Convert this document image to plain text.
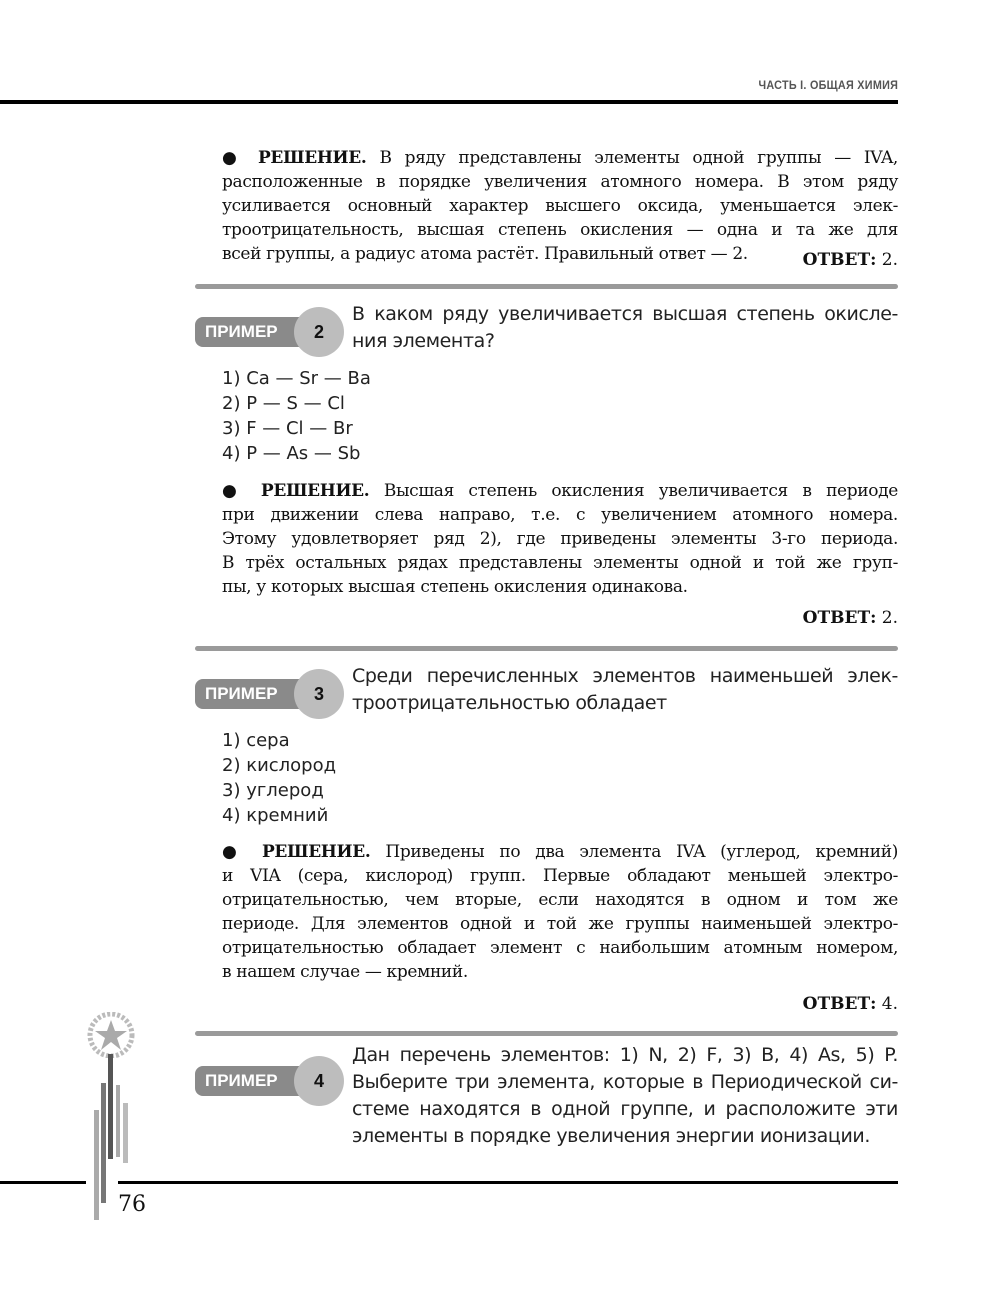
ЧАСТЬ I. ОБЩАЯ ХИМИЯ
● РЕШЕНИЕ. В ряду представлены элементы одной группы — IVA,
расположенные в порядке увеличения атомного номера. В этом ряду
усиливается основный характер высшего оксида, уменьшается элек-
троотрицательность, высшая степень окисления — одна и та же для
всей группы, а радиус атома растёт. Правильный ответ — 2.	ОТВЕТ: 2.
ПРИМЕР	2
В каком ряду увеличивается высшая степень окисле-
ния элемента?
1) Ca — Sr — Ba
2) P — S — Cl
3) F — Cl — Br
4) P — As — Sb
● РЕШЕНИЕ. Высшая степень окисления увеличивается в периоде
при движении слева направо, т.е. с увеличением атомного номера.
Этому удовлетворяет ряд 2), где приведены элементы 3-го периода.
В трёх остальных рядах представлены элементы одной и той же груп-
пы, у которых высшая степень окисления одинакова.
ОТВЕТ: 2.
ПРИМЕР	3
Среди перечисленных элементов наименьшей элек-
троотрицательностью обладает
1) сера
2) кислород
3) углерод
4) кремний
● РЕШЕНИЕ. Приведены по два элемента IVA (углерод, кремний)
и VIA (сера, кислород) групп. Первые обладают меньшей электро-
отрицательностью, чем вторые, если находятся в одном и том же
периоде. Для элементов одной и той же группы наименьшей электро-
отрицательностью обладает элемент с наибольшим атомным номером,
в нашем случае — кремний.
ОТВЕТ: 4.
ПРИМЕР	4
Дан перечень элементов: 1) N, 2) F, 3) B, 4) As, 5) P.
Выберите три элемента, которые в Периодической си-
стеме находятся в одной группе, и расположите эти
элементы в порядке увеличения энергии ионизации.
76
